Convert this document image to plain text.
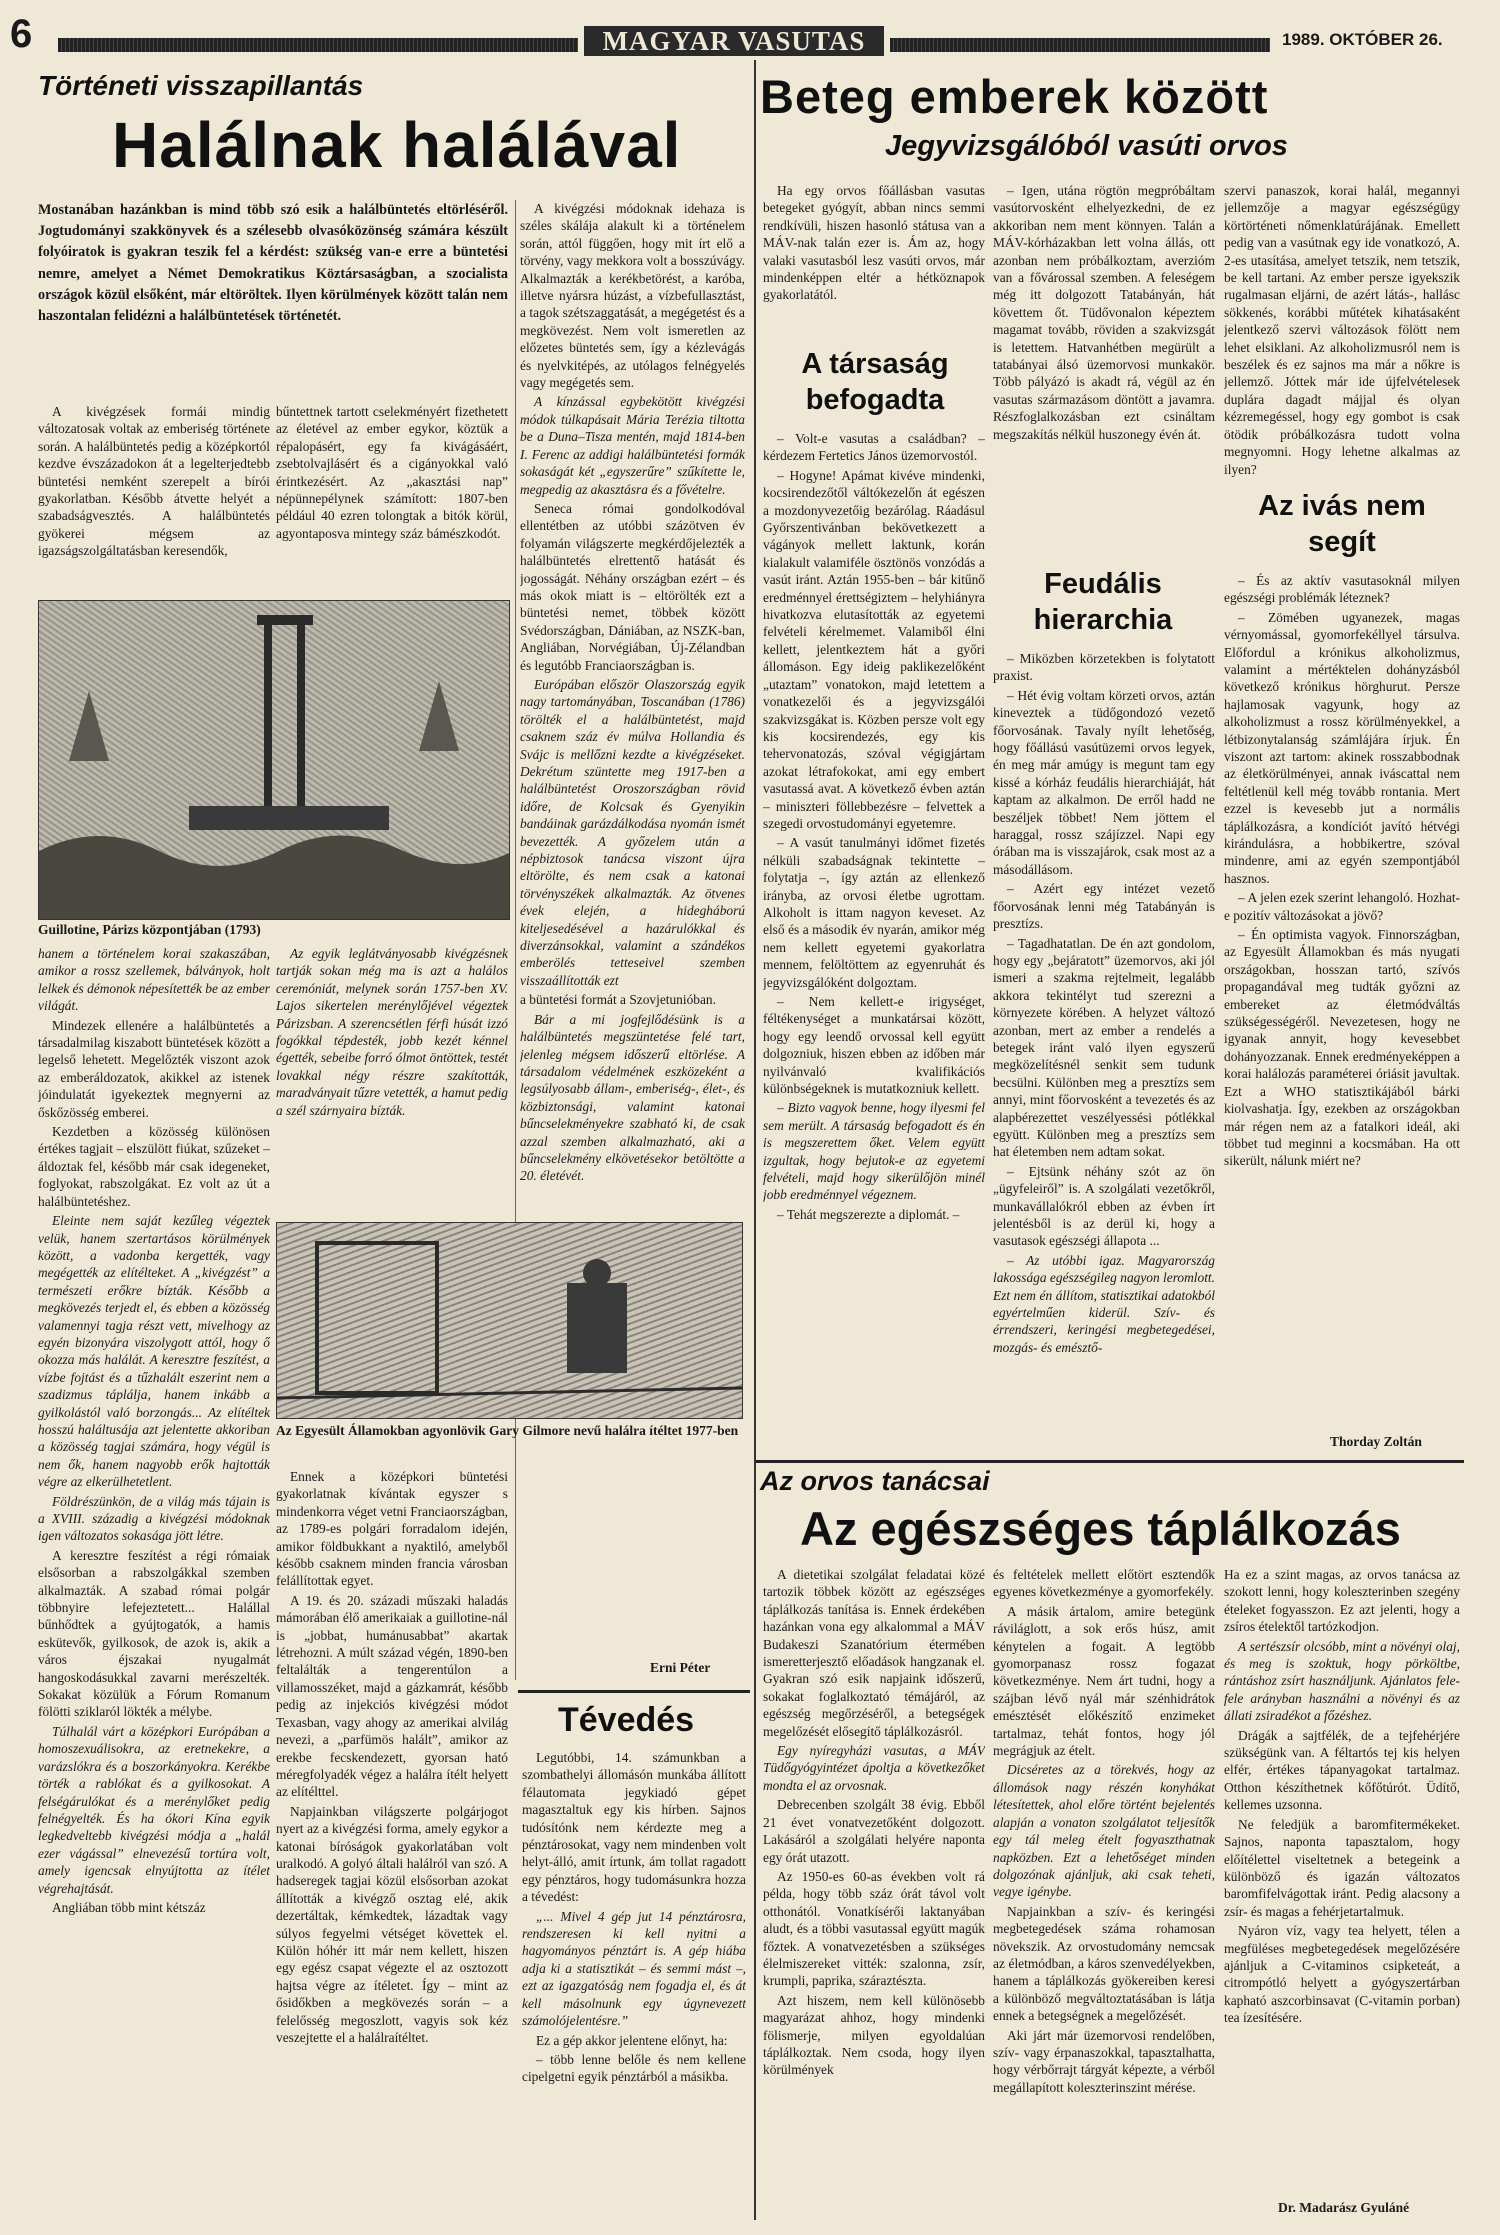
6	MAGYAR VASUTAS	1989. OKTÓBER 26.
Történeti visszapillantás
Halálnak halálával

Mostanában hazánkban is mind több szó esik a halálbüntetés eltörléséről. Jogtudományi szakkönyvek és a szélesebb olvasóközönség számára készült folyóiratok is gyakran teszik fel a kérdést: szükség van-e erre a büntetési nemre, amelyet a Német Demokratikus Köztársaságban, a szocialista országok közül elsőként, már eltöröltek. Ilyen körülmények között talán nem haszontalan felidézni a halálbüntetések történetét.

A kivégzések formái mindig változatosak voltak az emberiség története során. A halálbüntetés pedig a középkortól kezdve évszázadokon át a legelterjedtebb büntetési nemként szerepelt a bírói gyakorlatban. Később átvette helyét a szabadságvesztés. A halálbüntetés gyökerei mégsem az igazságszolgáltatásban keresendők,

bűntettnek tartott cselekményért fizethetett az életével az ember egykor, köztük a répalopásért, egy fa kivágásáért, zsebtolvajlásért és a cigányokkal való érintkezésért. Az „akasztási nap” népünnepélynek számított: 1807-ben például 40 ezren tolongtak a bitók körül, agyontaposva mintegy száz bámészkodót.

Guillotine, Párizs központjában (1793)

hanem a történelem korai szakaszában, amikor a rossz szellemek, bálványok, holt lelkek és démonok népesítették be az ember világát.

Mindezek ellenére a halálbüntetés a társadalmilag kiszabott büntetések között a legelső lehetett. Megelőzték viszont azok az emberáldozatok, akikkel az istenek jóindulatát igyekeztek megnyerni az őskőzösség emberei.

Kezdetben a közösség különösen értékes tagjait – elszülött fiúkat, szűzeket – áldoztak fel, később már csak idegeneket, foglyokat, rabszolgákat. Ez volt az út a halálbüntetéshez.

Eleinte nem saját kezűleg végeztek velük, hanem szertartásos körülmények között, a vadonba kergették, vagy megégették az elítélteket. A „kivégzést” a természeti erőkre bízták. Később a megkövezés terjedt el, és ebben a közösség valamennyi tagja részt vett, mivelhogy az egyén bizonyára viszolygott attól, hogy ő okozza más halálát. A keresztre feszítést, a vízbe fojtást és a tűzhalált eszerint nem a szadizmus táplálja, hanem inkább a gyilkolástól való borzongás... Az elítéltek hosszú haláltusája azt jelentette akkoriban a közösség tagjai számára, hogy végül is nem ők, hanem nagyobb erők hajtották végre az elkerülhetetlent.

Földrészünkön, de a világ más tájain is a XVIII. századig a kivégzési módoknak igen változatos sokasága jött létre.

A keresztre feszítést a régi rómaiak elsősorban a rabszolgákkal szemben alkalmazták. A szabad római polgár többnyire lefejeztetett... Halállal bűnhődtek a gyújtogatók, a hamis eskütevők, gyilkosok, de azok is, akik a város éjszakai nyugalmát hangoskodásukkal zavarni merészelték. Sokakat közülük a Fórum Romanum fölötti sziklaról lökték a mélybe.

Túlhalál várt a középkori Európában a homoszexuálisokra, az eretnekekre, a varázslókra és a boszorkányokra. Kerékbe törték a rablókat és a gyilkosokat. A felségárulókat és a merénylőket pedig felnégyelték. És ha ókori Kína egyik legkedveltebb kivégzési módja a „halál ezer vágással” elnevezésű tortúra volt, amely igencsak elnyújtotta az ítélet végrehajtását.

Angliában több mint kétszáz

Az egyik leglátványosabb kivégzésnek tartják sokan még ma is azt a halálos ceremóniát, melynek során 1757-ben XV. Lajos sikertelen merénylőjével végeztek Párizsban. A szerencsétlen férfi húsát izzó fogókkal tépdesték, jobb kezét kénnel égették, sebeibe forró ólmot öntöttek, testét lovakkal négy részre szakították, maradványait tűzre vetették, a hamut pedig a szél szárnyaira bízták.

Az Egyesült Államokban agyonlövik Gary Gilmore nevű halálra ítéltet 1977-ben

Ennek a középkori büntetési gyakorlatnak kívántak egyszer s mindenkorra véget vetni Franciaországban, az 1789-es polgári forradalom idején, amikor földbukkant a nyaktiló, amelyből később csaknem minden francia városban felállítottak egyet.

A 19. és 20. századi műszaki haladás mámorában élő amerikaiak a guillotine-nál is „jobbat, humánusabbat” akartak létrehozni. A múlt század végén, 1890-ben feltalálták a tengerentúlon a villamosszéket, majd a gázkamrát, később pedig az injekciós kivégzési módot Texasban, vagy ahogy az amerikai alvilág nevezi, a „parfümös halált”, amikor az erekbe fecskendezett, gyorsan ható méregfolyadék végez a halálra ítélt helyett az elítélttel.

Napjainkban világszerte polgárjogot nyert az a kivégzési forma, amely egykor a katonai bíróságok gyakorlatában volt uralkodó. A golyó általi halálról van szó. A hadseregek tagjai közül elsősorban azokat állították a kivégző osztag elé, akik dezertáltak, kémkedtek, lázadtak vagy súlyos fegyelmi vétséget követtek el. Külön hóhér itt már nem kellett, hiszen egy egész csapat végezte el az osztozott hajtsa végre az ítéletet. Így – mint az ősidőkben a megkövezés során – a felelősség megoszlott, vagyis sok kéz veszejtette el a halálraítéltet.

A kivégzési módoknak idehaza is széles skálája alakult ki a történelem során, attól függően, hogy mit írt elő a törvény, vagy mekkora volt a bosszúvágy. Alkalmazták a kerékbetörést, a karóba, illetve nyársra húzást, a vízbefullasztást, a tagok szétszaggatását, a megégetést és a megkövezést. Nem volt ismeretlen az előzetes büntetés sem, így a kézlevágás és nyelvkitépés, az utólagos felnégyelés vagy megégetés sem.

A kínzással egybekötött kivégzési módok túlkapásait Mária Terézia tiltotta be a Duna–Tisza mentén, majd 1814-ben I. Ferenc az addigi halálbüntetési formák sokaságát két „egyszerűre” szűkítette le, megpedig az akasztásra és a fővételre.

Seneca római gondolkodóval ellentétben az utóbbi százötven év folyamán világszerte megkérdőjelezték a halálbüntetés elrettentő hatását és jogosságát. Néhány országban ezért – és más okok miatt is – eltörölték ezt a büntetési nemet, többek között Svédországban, Dániában, az NSZK-ban, Angliában, Norvégiában, Új-Zélandban és legutóbb Franciaországban is.

Európában először Olaszország egyik nagy tartományában, Toscanában (1786) törölték el a halálbüntetést, majd csaknem száz év múlva Hollandia és Svájc is mellőzni kezdte a kivégzéseket. Dekrétum szüntette meg 1917-ben a halálbüntetést Oroszországban rövid időre, de Kolcsak és Gyenyikin bandáinak garázdálkodása nyomán ismét bevezették. A győzelem után a népbiztosok tanácsa viszont újra eltörölte, és nem csak a katonai törvényszékek alkalmazták. Az ötvenes évek elején, a hidegháború kiteljesedésével a hazárulókkal és diverzánsokkal, valamint a szándékos emberölés tetteseivel szemben visszaállították ezt

a büntetési formát a Szovjetunióban.

Bár a mi jogfejlődésünk is a halálbüntetés megszüntetése felé tart, jelenleg mégsem időszerű eltörlése. A társadalom védelmének eszközeként a legsúlyosabb állam-, emberiség-, élet-, és közbiztonsági, valamint katonai bűncselekményekre szabható ki, de csak azzal szemben alkalmazható, aki a bűncselekmény elkövetésekor betöltötte a 20. életévét.

Erni Péter
Tévedés

Legutóbbi, 14. számunkban a szombathelyi állomásón munkába állított félautomata jegykiadó gépet magasztaltuk egy kis hírben. Sajnos tudósítónk nem kérdezte meg a pénztárosokat, vagy nem mindenben volt helyt-álló, amit írtunk, ám tollat ragadott egy pénztáros, hogy tudomásunkra hozza a tévedést:

„... Mivel 4 gép jut 14 pénztárosra, rendszeresen ki kell nyitni a hagyományos pénztárt is. A gép hiába adja ki a statisztikát – és semmi mást –, ezt az igazgatóság nem fogadja el, és át kell másolnunk egy úgynevezett számolójelentésre.”

Ez a gép akkor jelentene előnyt, ha:

– több lenne belőle és nem kellene cipelgetni egyik pénztárból a másikba.

Beteg emberek között
Jegyvizsgálóból vasúti orvos

Ha egy orvos főállásban vasutas betegeket gyógyít, abban nincs semmi rendkívüli, hiszen hasonló státusa van a MÁV-nak talán ezer is. Ám az, hogy valaki vasutasból lesz vasúti orvos, már mindenképpen eltér a hétköznapok gyakorlatától.

A társaság befogadta

– Volt-e vasutas a családban? – kérdezem Fertetics János üzemorvostól.

– Hogyne! Apámat kivéve mindenki, kocsirendezőtől váltókezelőn át egészen a mozdonyvezetőig bezárólag. Ráadásul Győrszentivánban bekövetkezett a vágányok mellett laktunk, korán kialakult valamiféle ösztönös vonzódás a vasút iránt. Aztán 1955-ben – bár kitűnő eredménnyel érettségiztem – helyhiányra hivatkozva elutasították az egyetemi felvételi kérelmemet. Valamiből élni kellett, jelentkeztem hát a győri állomáson. Egy ideig paklikezelőként „utaztam” vonatokon, majd letettem a vonatkezelői és a jegyvizsgálói szakvizsgákat is. Közben persze volt egy kis kocsirendezés, egy kis tehervonatozás, szóval végigjártam azokat létrafokokat, ami egy embert vasutassá avat. A következő évben aztán – miniszteri föllebbezésre – felvettek a szegedi orvostudományi egyetemre.

– A vasút tanulmányi időmet fizetés nélküli szabadságnak tekintette – folytatja –, így aztán az ellenkező irányba, az orvosi életbe ugrottam. Alkoholt is ittam nagyon keveset. Az első és a második év nyarán, amikor még nem kellett egyetemi gyakorlatra mennem, felöltöttem az egyenruhát és jegyvizsgálóként dolgoztam.

– Nem kellett-e irigységet, féltékenységet a munkatársai között, hogy egy leendő orvossal kell együtt dolgozniuk, hiszen ebben az időben már nyilvánvaló kvalifikációs különbségeknek is mutatkozniuk kellett.

– Bizto vagyok benne, hogy ilyesmi fel sem merült. A társaság befogadott és én is megszerettem őket. Velem együtt izgultak, hogy bejutok-e az egyetemi felvételi, majd hogy sikerülőjön minél jobb eredménnyel végeznem.

– Tehát megszerezte a diplomát. –

– Igen, utána rögtön megpróbáltam vasútorvosként elhelyezkedni, de ez akkoriban nem ment könnyen. Talán a MÁV-kórházakban lett volna állás, ott azonban nem próbálkoztam, averzióm van a fővárossal szemben. A feleségem még itt dolgozott Tatabányán, hát követtem őt. Tüdővonalon képeztem magamat tovább, röviden a szakvizsgát is letettem. Hatvanhétben megürült a tatabányai álsó üzemorvosi munkakör. Több pályázó is akadt rá, végül az én vasutas származásom döntött a javamra. Részfoglalkozásban ezt csináltam megszakítás nélkül huszonegy évén át.

Feudális hierarchia

– Miközben körzetekben is folytatott praxist.

– Hét évig voltam körzeti orvos, aztán kineveztek a tüdőgondozó vezető főorvosának. Tavaly nyílt lehetőség, hogy főállású vasútüzemi orvos legyek, én meg már amúgy is megunt tam egy kissé a kórház feudális hierarchiáját, hát kaptam az alkalmon. De erről hadd ne beszéljek többet! Nem jöttem el haraggal, rossz szájízzel. Napi egy órában ma is visszajárok, csak most az a másodállásom.

– Azért egy intézet vezető főorvosának lenni még Tatabányán is presztízs.

– Tagadhatatlan. De én azt gondolom, hogy egy „bejáratott” üzemorvos, aki jól ismeri a szakma rejtelmeit, legalább akkora tekintélyt tud szerezni a környezete körében. A helyzet változó azonban, mert az ember a rendelés a betegek iránt való ilyen egyszerű megközelítésnél senkit sem tudunk becsülni. Különben meg a presztízs sem annyi, mint főorvosként a tevezetés és az alapbérezettet veszélyessési pótlékkal együtt. Különben meg a presztízs sem hat életemben nem adtam sokat.

– Ejtsünk néhány szót az ön „ügyfeleiről” is. A szolgálati vezetőkről, munkavállalókról ebben az évben írt jelentésből is az derül ki, hogy a vasutasok egészségi állapota ...

– Az utóbbi igaz. Magyarország lakossága egészségileg nagyon leromlott. Ezt nem én állítom, statisztikai adatokból egyértelműen kiderül. Szív- és érrendszeri, keringési megbetegedései, mozgás- és emésztő-

szervi panaszok, korai halál, megannyi jellemzője a magyar egészségügy körtörténeti nőmenklatúrájának. Emellett pedig van a vasútnak egy ide vonatkozó, A. 2-es utasítása, amelyet tetszik, nem tetszik, be kell tartani. Az ember persze igyekszik rugalmasan eljárni, de azért látás-, hallásc sökkenés, korábbi műtétek kihatásaként jelentkező szervi változások fölött nem lehet elsiklani. Az alkoholizmusról nem is beszélek és ez sajnos ma már a nőkre is jellemző. Jóttek már ide újfelvételesek duplára dagadt májjal és olyan kézremegéssel, hogy egy gombot is csak ötödik próbálkozásra tudott volna megnyomni. Hogy lehetne alkalmas az ilyen?

Az ivás nem segít

– És az aktív vasutasoknál milyen egészségi problémák léteznek?

– Zömében ugyanezek, magas vérnyomással, gyomorfekéllyel társulva. Előfordul a krónikus alkoholizmus, valamint a mértéktelen dohányzásból következő krónikus hörghurut. Persze hajlamosak vagyunk, hogy az alkoholizmust a rossz körülményekkel, a létbizonytalanság számlájára írjuk. Én viszont azt tartom: akinek rosszabbodnak az életkörülményei, annak iváscattal nem feltétlenül kell még tovább rontania. Mert ezzel is kevesebb jut a normális táplálkozásra, a kondíciót javító hétvégi kirándulásra, a hobbikertre, szóval mindenre, ami az egyén szempontjából hasznos.

– A jelen ezek szerint lehangoló. Hozhat-e pozitív változásokat a jövő?

– Én optimista vagyok. Finnországban, az Egyesült Államokban és más nyugati országokban, hosszan tartó, szívós propagandával meg tudták győzni az embereket az életmódváltás szükségességéről. Nevezetesen, hogy ne igyanak annyit, hogy kevesebbet dohányozzanak. Ennek eredményeképpen a korai halálozás paraméterei óriásit javultak. Ezt a WHO statisztikájából bárki kiolvashatja. Így, ezekben az országokban már régen nem az a fatalkori ideál, aki többet tud meginni a kocsmában. Ha ott sikerült, nálunk miért ne?

Thorday Zoltán
Az orvos tanácsai
Az egészséges táplálkozás

A dietetikai szolgálat feladatai közé tartozik többek között az egészséges táplálkozás tanítása is. Ennek érdekében hazánkan vona egy alkalommal a MÁV Budakeszi Szanatórium étermében ismeretterjesztő előadások hangzanak el. Gyakran szó esik napjaink időszerű, sokakat foglalkoztató témájáról, az egészség megőrzéséről, a betegségek megelőzését elősegítő táplálkozásról.

Egy nyíregyházi vasutas, a MÁV Tüdőgyógyintézet ápoltja a következőket mondta el az orvosnak.

Debrecenben szolgált 38 évig. Ebből 21 évet vonatvezetőként dolgozott. Lakásáról a szolgálati helyére naponta egy órát utazott.

Az 1950-es 60-as években volt rá példa, hogy több száz órát távol volt otthonától. Vonatkísérői laktanyában aludt, és a többi vasutassal együtt magúk főztek. A vonatvezetésben a szükséges élelmiszereket vitték: szalonna, zsír, krumpli, paprika, száraztészta.

Azt hiszem, nem kell különösebb magyarázat ahhoz, hogy mindenki fölismerje, milyen egyoldalúan táplálkoztak. Nem csoda, hogy ilyen körülmények

és feltételek mellett előtört esztendők egyenes következménye a gyomorfekély.

A másik ártalom, amire betegünk ráviláglott, a sok erős húsz, amit kénytelen a fogait. A legtöbb gyomorpanasz rossz fogazat következménye. Nem árt tudni, hogy a szájban lévő nyál már szénhidrátok emésztését előkészítő enzimeket tartalmaz, tehát fontos, hogy jól megrágjuk az ételt.

Dicséretes az a törekvés, hogy az állomások nagy részén konyhákat létesítettek, ahol előre történt bejelentés alapján a vonaton szolgálatot teljesítők egy tál meleg ételt fogyaszthatnak napközben. Ezt a lehetőséget minden dolgozónak ajánljuk, aki csak teheti, vegye igénybe.

Napjainkban a szív- és keringési megbetegedések száma rohamosan növekszik. Az orvostudomány nemcsak az életmódban, a káros szenvedélyekben, hanem a táplálkozás gyökereiben keresi a különböző megváltoztatásában is látja ennek a betegségnek a megelőzését.

Aki járt már üzemorvosi rendelőben, szív- vagy érpanaszokkal, tapasztalhatta, hogy vérbőrrajt tárgyát képezte, a vérből megállapított koleszterinszint mérése.

Ha ez a szint magas, az orvos tanácsa az szokott lenni, hogy koleszterinben szegény ételeket fogyasszon. Ez azt jelenti, hogy a zsíros ételektől tartózkodjon.

A sertészsír olcsóbb, mint a növényi olaj, és meg is szoktuk, hogy pörköltbe, rántáshoz zsírt használjunk. Ajánlatos fele-fele arányban használni a növényi és az állati zsiradékot a főzéshez.

Drágák a sajtfélék, de a tejfehérjére szükségünk van. A féltartós tej kis helyen elfér, értékes tápanyagokat tartalmaz. Otthon készíthetnek kőfőtúrót. Üdítő, kellemes uzsonna.

Ne feledjük a baromfitermékeket. Sajnos, naponta tapasztalom, hogy előítélettel viseltetnek a betegeink a különböző és igazán változatos baromfifelvágottak iránt. Pedig alacsony a zsír- és magas a fehérjetartalmuk.

Nyáron víz, vagy tea helyett, télen a megfüléses megbetegedések megelőzésére ajánljuk a C-vitaminos csipketeát, a citrompótló helyett a gyógyszertárban kapható aszcorbinsavat (C-vitamin porban) tea ízesítésére.

Dr. Madarász Gyuláné
